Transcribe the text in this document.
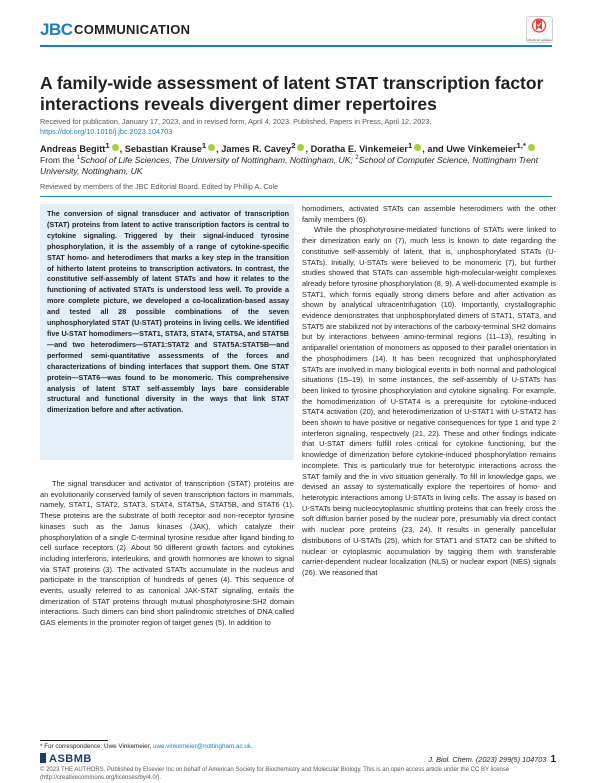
JBC COMMUNICATION
Check for updates
A family-wide assessment of latent STAT transcription factor interactions reveals divergent dimer repertoires
Received for publication, January 17, 2023, and in revised form, April 4, 2023. Published, Papers in Press, April 12, 2023,
https://doi.org/10.1016/j.jbc.2023.104703
Andreas Begitt$^1$ , Sebastian Krause$^1$ , James R. Cavey$^2$ , Doratha E. Vinkemeier$^1$ , and Uwe Vinkemeier$^{1,*}$
From the $^1$School of Life Sciences, The University of Nottingham, Nottingham, UK; $^2$School of Computer Science, Nottingham Trent University, Nottingham, UK
Reviewed by members of the JBC Editorial Board. Edited by Phillip A. Cole
The conversion of signal transducer and activator of transcription (STAT) proteins from latent to active transcription factors is central to cytokine signaling. Triggered by their signal-induced tyrosine phosphorylation, it is the assembly of a range of cytokine-specific STAT homo- and heterodimers that marks a key step in the transition of hitherto latent proteins to transcription activators. In contrast, the constitutive self-assembly of latent STATs and how it relates to the functioning of activated STATs is understood less well. To provide a more complete picture, we developed a co-localization-based assay and tested all 28 possible combinations of the seven unphosphorylated STAT (U-STAT) proteins in living cells. We identified five U-STAT homodimers—STAT1, STAT3, STAT4, STAT5A, and STAT5B—and two heterodimers—STAT1:STAT2 and STAT5A:STAT5B—and performed semi-quantitative assessments of the forces and characterizations of binding interfaces that support them. One STAT protein—STAT6—was found to be monomeric. This comprehensive analysis of latent STAT self-assembly lays bare considerable structural and functional diversity in the ways that link STAT dimerization before and after activation.
The signal transducer and activator of transcription (STAT) proteins are an evolutionarily conserved family of seven transcription factors in mammals, namely, STAT1, STAT2, STAT3, STAT4, STAT5A, STAT5B, and STAT6 (1). These proteins are the substrate of both receptor and non-receptor tyrosine kinases such as the Janus kinases (JAK), which catalyze their phosphorylation of a single C-terminal tyrosine residue after ligand binding to cell surface receptors (2). About 50 different growth factors and cytokines including interferons, interleukins, and growth hormones are known to signal via STAT proteins (3). The activated STATs accumulate in the nucleus and participate in the transcription of hundreds of genes (4). This sequence of events, usually referred to as canonical JAK-STAT signaling, entails the dimerization of STAT proteins through mutual phosphotyrosine:SH2 domain interactions. Such dimers can bind short palindromic stretches of DNA called GAS elements in the promoter region of target genes (5). In addition to

homodimers, activated STATs can assemble heterodimers with the other family members (6).

While the phosphotyrosine-mediated functions of STATs were linked to their dimerization early on (7), much less is known to date regarding the constitutive self-assembly of latent, that is, unphosphorylated STATs (U-STATs). Initially, U-STATs were believed to be monomeric (7), but further studies showed that STATs can assemble high-molecular-weight complexes already before tyrosine phosphorylation (8, 9). A well-documented example is STAT1, which forms equally strong dimers before and after activation as shown by analytical ultracentrifugation (10). Importantly, crystallographic evidence demonstrates that unphosphorylated dimers of STAT1, STAT3, and STAT5 are stabilized not by interactions of the carboxy-terminal SH2 domains but by interactions between amino-terminal regions (11–13), resulting in antiparallel orientation of monomers as opposed to their parallel orientation in the phosphodimers (14). It has been recognized that unphosphorylated STATs are involved in many biological events in both normal and pathological situations (15–19). In some instances, the self-assembly of U-STATs has been linked to tyrosine phosphorylation and cytokine signaling. For example, the homodimerization of U-STAT4 is a prerequisite for cytokine-induced STAT4 activation (20), and heterodimerization of U-STAT1 with U-STAT2 has been shown to have positive or negative consequences for type 1 and type 2 interferon signaling, respectively (21, 22). These and other findings indicate that U-STAT dimers fulfill roles critical for cytokine functioning, but the knowledge of dimerization before cytokine-induced phosphorylation remains incomplete. This is particularly true for heterotypic interactions across the STAT family and the in vivo situation generally. To fill in knowledge gaps, we devised an assay to systematically explore the repertoires of homo- and heterotypic interactions among U-STATs in living cells. The assay is based on U-STATs being nucleocytoplasmic shuttling proteins that can freely cross the soft diffusion barrier posed by the nuclear pore, presumably via direct contact with nuclear pore proteins (23, 24). It results in generally pancellular distributions of U-STATs (25), which for STAT1 and STAT2 can be shifted to nuclear or cytoplasmic accumulation by tagging them with transferable carrier-dependent nuclear localization (NLS) or nuclear export (NES) signals (26). We reasoned that

* For correspondence: Uwe Vinkemeier, uwe.vinkemeier@nottingham.ac.uk.
ASBMB	J. Biol. Chem. (2023) 299(5) 104703 1
© 2023 THE AUTHORS. Published by Elsevier Inc on behalf of American Society for Biochemistry and Molecular Biology. This is an open access article under the CC BY license (http://creativecommons.org/licenses/by/4.0/).
